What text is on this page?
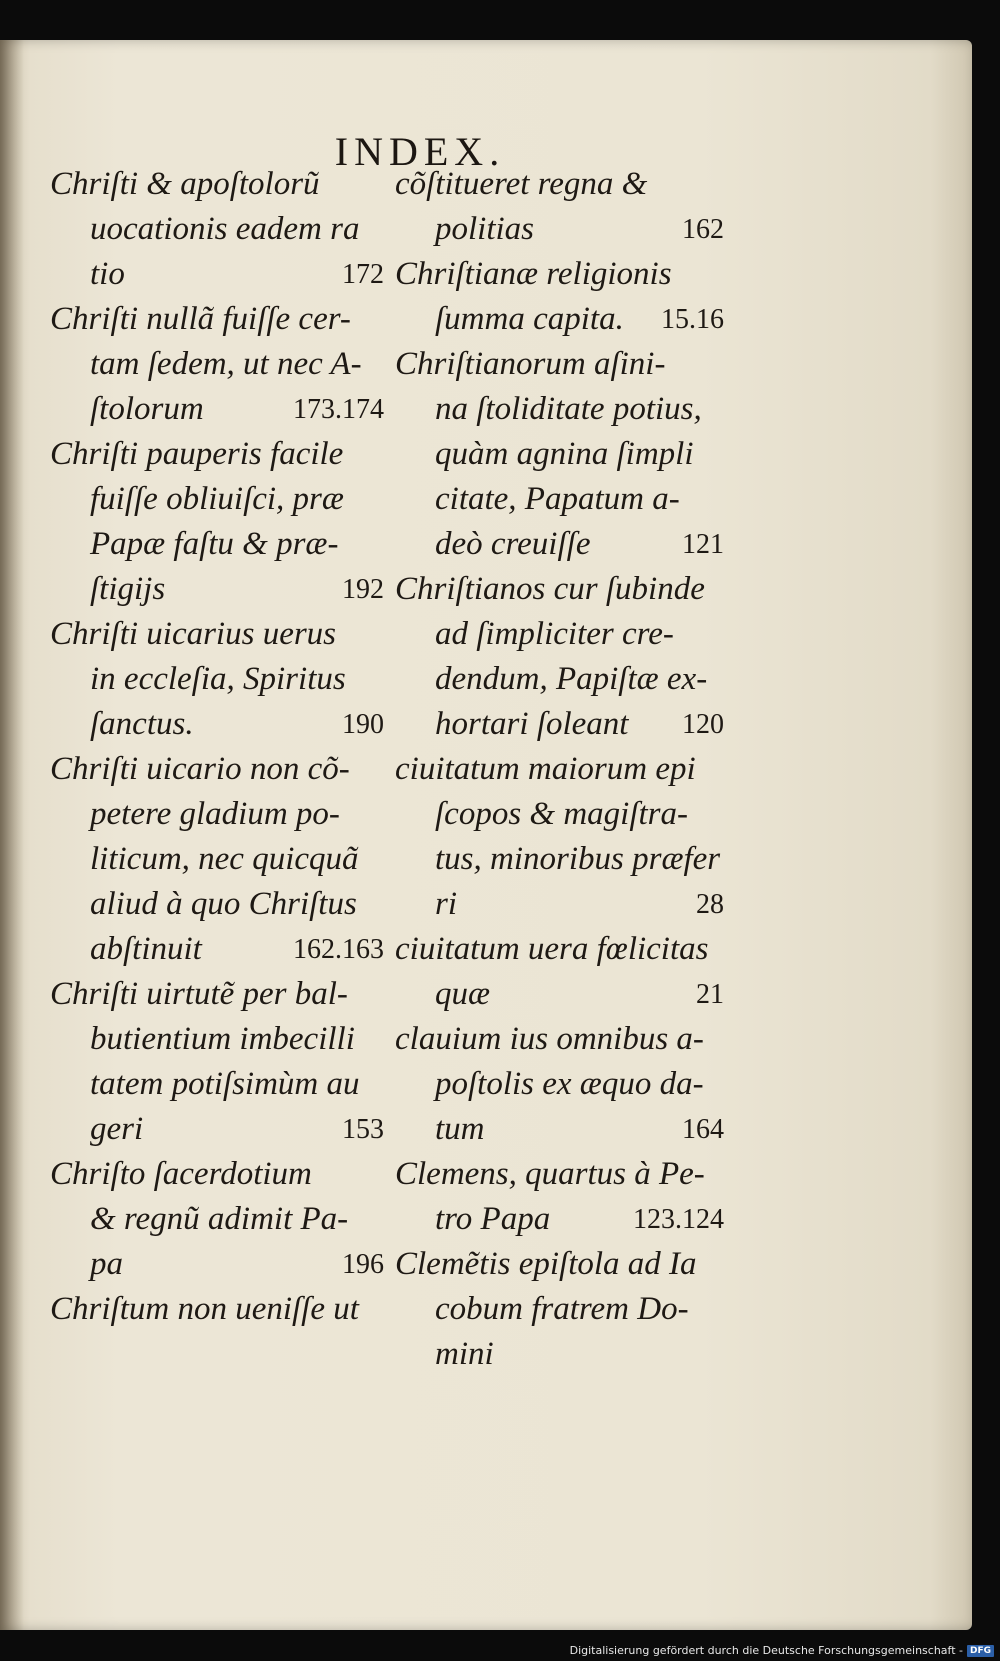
INDEX.
Chriſti & apoſtolorũ
uocationis eadem ra
tio	172
Chriſti nullã fuiſſe cer-
tam ſedem, ut nec A-
ſtolorum	173.174
Chriſti pauperis facile
fuiſſe obliuiſci, præ
Papæ faſtu & præ-
ſtigijs	192
Chriſti uicarius uerus
in eccleſia, Spiritus
ſanctus.	190
Chriſti uicario non cõ-
petere gladium po-
liticum, nec quicquã
aliud à quo Chriſtus
abſtinuit	162.163
Chriſti uirtutẽ per bal-
butientium imbecilli
tatem potiſsimùm au
geri	153
Chriſto ſacerdotium
& regnũ adimit Pa-
pa	196
Chriſtum non ueniſſe ut
cõſtitueret regna &
politias	162
Chriſtianæ religionis
ſumma capita. 15.16
Chriſtianorum aſini-
na ſtoliditate potius,
quàm agnina ſimpli
citate, Papatum a-
deò creuiſſe	121
Chriſtianos cur ſubinde
ad ſimpliciter cre-
dendum, Papiſtæ ex-
hortari ſoleant 120
ciuitatum maiorum epi
ſcopos & magiſtra-
tus, minoribus præfer
ri	28
ciuitatum uera fœlicitas
quæ	21
clauium ius omnibus a-
poſtolis ex æquo da-
tum	164
Clemens, quartus à Pe-
tro Papa	123.124
Clemẽtis epiſtola ad Ia
cobum fratrem Do-
mini
Digitalisierung gefördert durch die Deutsche Forschungsgemeinschaft - DFG
